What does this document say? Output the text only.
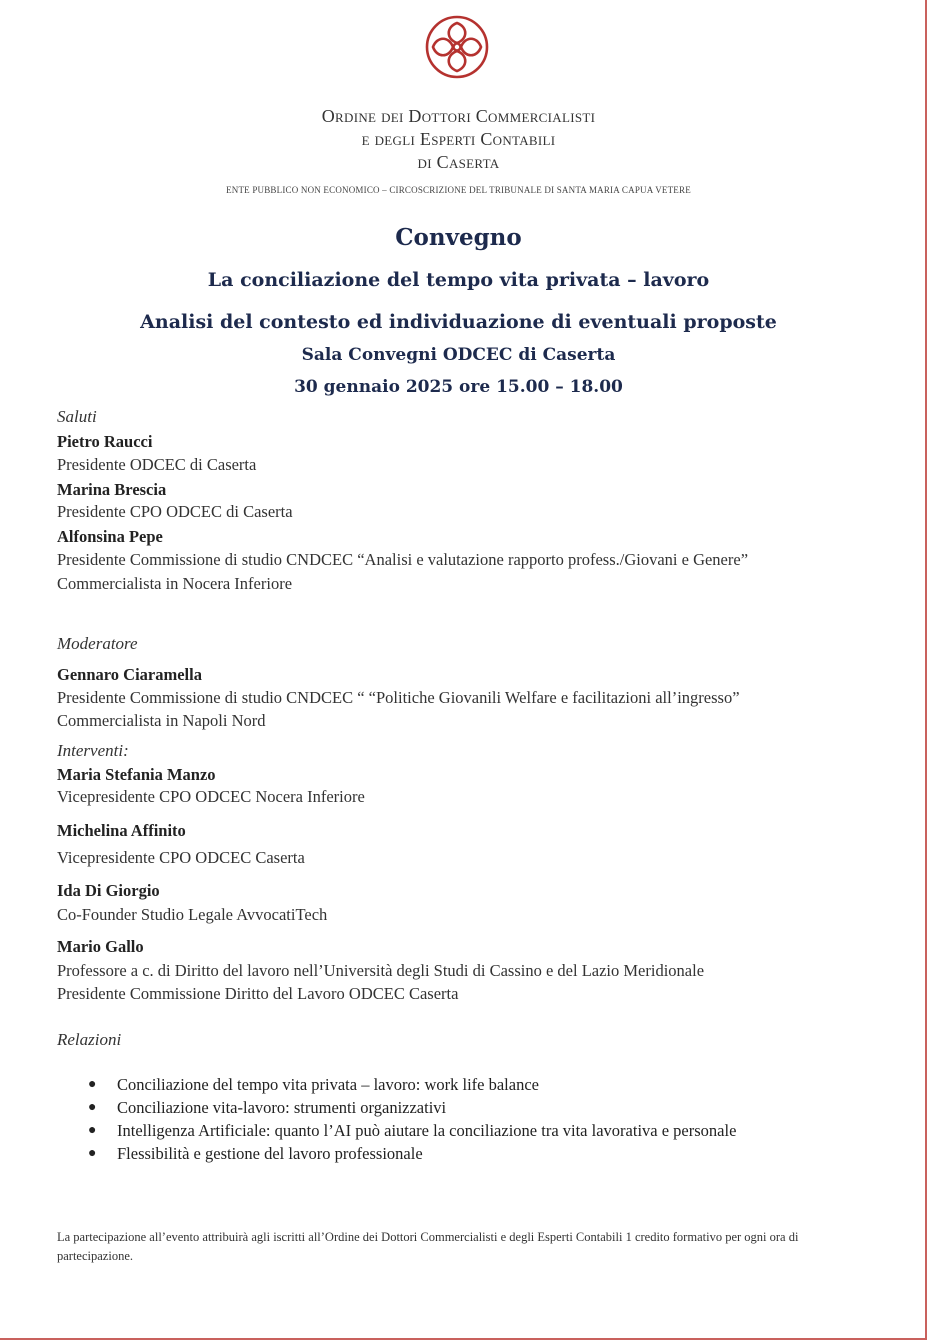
Ordine dei Dottori Commercialisti
e degli Esperti Contabili
di Caserta
ENTE PUBBLICO NON ECONOMICO – CIRCOSCRIZIONE DEL TRIBUNALE DI SANTA MARIA CAPUA VETERE
Convegno
La conciliazione del tempo vita privata – lavoro
Analisi del contesto ed individuazione di eventuali proposte
Sala Convegni ODCEC di Caserta
30 gennaio 2025 ore 15.00 – 18.00
Saluti
Pietro Raucci
Presidente ODCEC di Caserta
Marina Brescia
Presidente CPO ODCEC di Caserta
Alfonsina Pepe
Presidente Commissione di studio CNDCEC “Analisi e valutazione rapporto profess./Giovani e Genere”
Commercialista in Nocera Inferiore
Moderatore
Gennaro Ciaramella
Presidente Commissione di studio CNDCEC “ “Politiche Giovanili Welfare e facilitazioni all’ingresso”
Commercialista in Napoli Nord
Interventi:
Maria Stefania Manzo
Vicepresidente CPO ODCEC Nocera Inferiore
Michelina Affinito
Vicepresidente CPO ODCEC Caserta
Ida Di Giorgio
Co-Founder Studio Legale AvvocatiTech
Mario Gallo
Professore a c. di Diritto del lavoro nell’Università degli Studi di Cassino e del Lazio Meridionale
Presidente Commissione Diritto del Lavoro ODCEC Caserta
Relazioni
● Conciliazione del tempo vita privata – lavoro: work life balance
● Conciliazione vita-lavoro: strumenti organizzativi
● Intelligenza Artificiale: quanto l’AI può aiutare la conciliazione tra vita lavorativa e personale
● Flessibilità e gestione del lavoro professionale
La partecipazione all’evento attribuirà agli iscritti all’Ordine dei Dottori Commercialisti e degli Esperti Contabili 1 credito formativo per ogni ora di partecipazione.
